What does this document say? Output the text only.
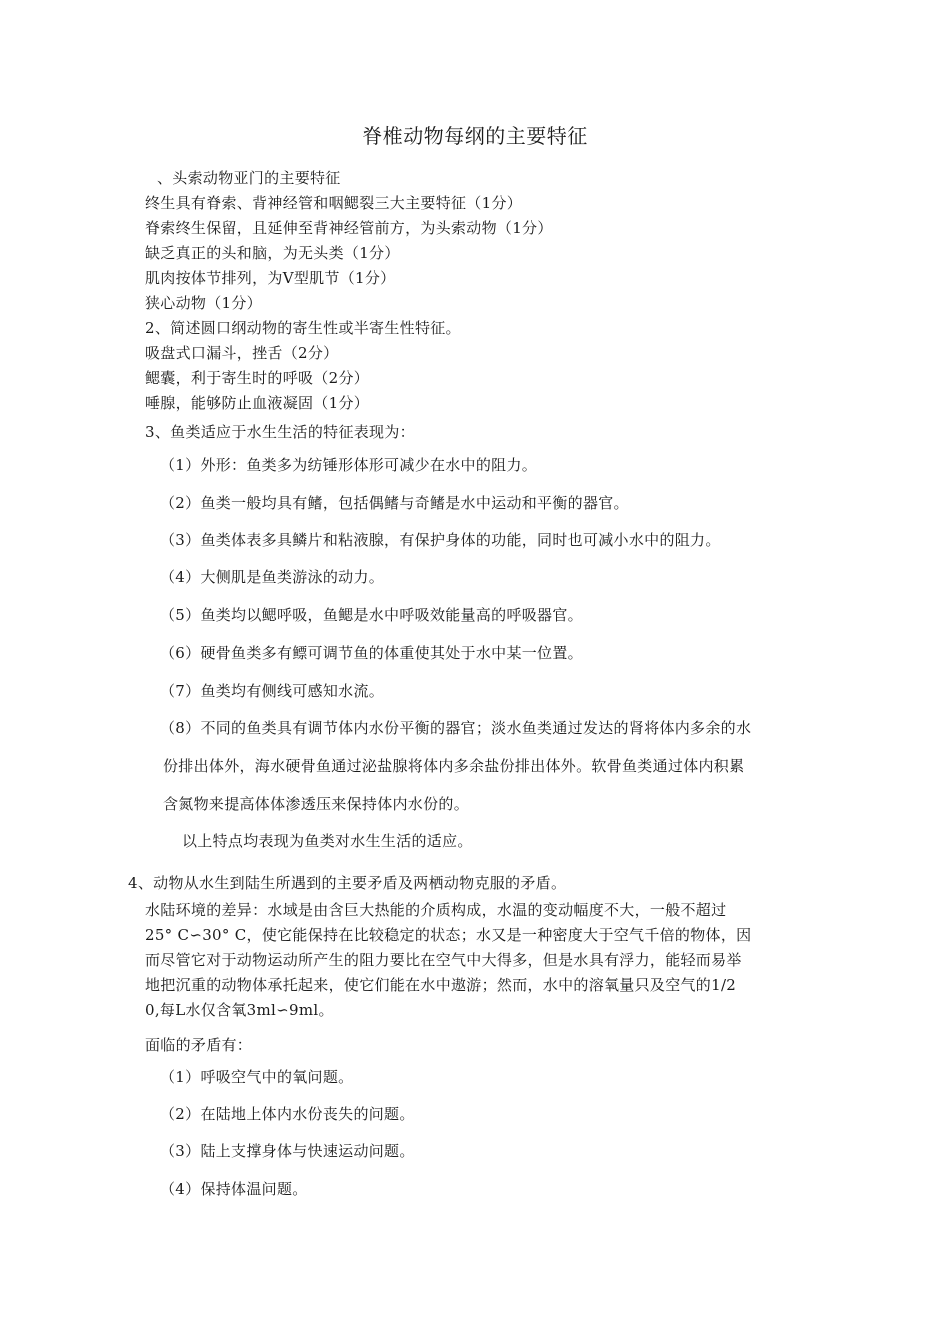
脊椎动物每纲的主要特征
、头索动物亚门的主要特征
终生具有脊索、背神经管和咽鳃裂三大主要特征（1分）
脊索终生保留，且延伸至背神经管前方，为头索动物（1分）
缺乏真正的头和脑，为无头类（1分）
肌肉按体节排列，为V型肌节（1分）
狭心动物（1分）
2、简述圆口纲动物的寄生性或半寄生性特征。
吸盘式口漏斗，挫舌（2分）
鳃囊，利于寄生时的呼吸（2分）
唾腺，能够防止血液凝固（1分）
3、鱼类适应于水生生活的特征表现为：
（1）外形：鱼类多为纺锤形体形可减少在水中的阻力。
（2）鱼类一般均具有鳍，包括偶鳍与奇鳍是水中运动和平衡的器官。
（3）鱼类体表多具鳞片和粘液腺，有保护身体的功能，同时也可减小水中的阻力。
（4）大侧肌是鱼类游泳的动力。
（5）鱼类均以鳃呼吸，鱼鳃是水中呼吸效能量高的呼吸器官。
（6）硬骨鱼类多有鳔可调节鱼的体重使其处于水中某一位置。
（7）鱼类均有侧线可感知水流。
（8）不同的鱼类具有调节体内水份平衡的器官；淡水鱼类通过发达的肾将体内多余的水
份排出体外，海水硬骨鱼通过泌盐腺将体内多余盐份排出体外。软骨鱼类通过体内积累
含氮物来提高体体渗透压来保持体内水份的。
以上特点均表现为鱼类对水生生活的适应。
4、动物从水生到陆生所遇到的主要矛盾及两栖动物克服的矛盾。
水陆环境的差异：水域是由含巨大热能的介质构成，水温的变动幅度不大，一般不超过
25° C∽30° C，使它能保持在比较稳定的状态；水又是一种密度大于空气千倍的物体，因
而尽管它对于动物运动所产生的阻力要比在空气中大得多，但是水具有浮力，能轻而易举
地把沉重的动物体承托起来，使它们能在水中遨游；然而，水中的溶氧量只及空气的1/2
0,每L水仅含氧3ml∽9ml。
面临的矛盾有：
（1）呼吸空气中的氧问题。
（2）在陆地上体内水份丧失的问题。
（3）陆上支撑身体与快速运动问题。
（4）保持体温问题。
